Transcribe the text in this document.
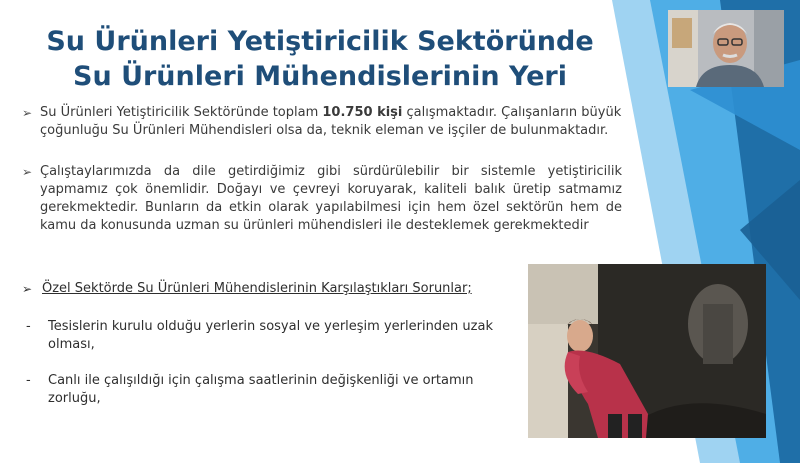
Su Ürünleri Yetiştiricilik Sektöründe
Su Ürünleri Mühendislerinin Yeri
➢ Su Ürünleri Yetiştiricilik Sektöründe toplam 10.750 kişi çalışmaktadır. Çalışanların büyük çoğunluğu Su Ürünleri Mühendisleri olsa da, teknik eleman ve işçiler de bulunmaktadır.
➢ Çalıştaylarımızda da dile getirdiğimiz gibi sürdürülebilir bir sistemle yetiştiricilik yapmamız çok önemlidir. Doğayı ve çevreyi koruyarak, kaliteli balık üretip satmamız gerekmektedir. Bunların da etkin olarak yapılabilmesi için hem özel sektörün hem de kamu da konusunda uzman su ürünleri mühendisleri ile desteklemek gerekmektedir
➢ Özel Sektörde Su Ürünleri Mühendislerinin Karşılaştıkları Sorunlar;
- Tesislerin kurulu olduğu yerlerin sosyal ve yerleşim yerlerinden uzak olması,
- Canlı ile çalışıldığı için çalışma saatlerinin değişkenliği ve ortamın zorluğu,
